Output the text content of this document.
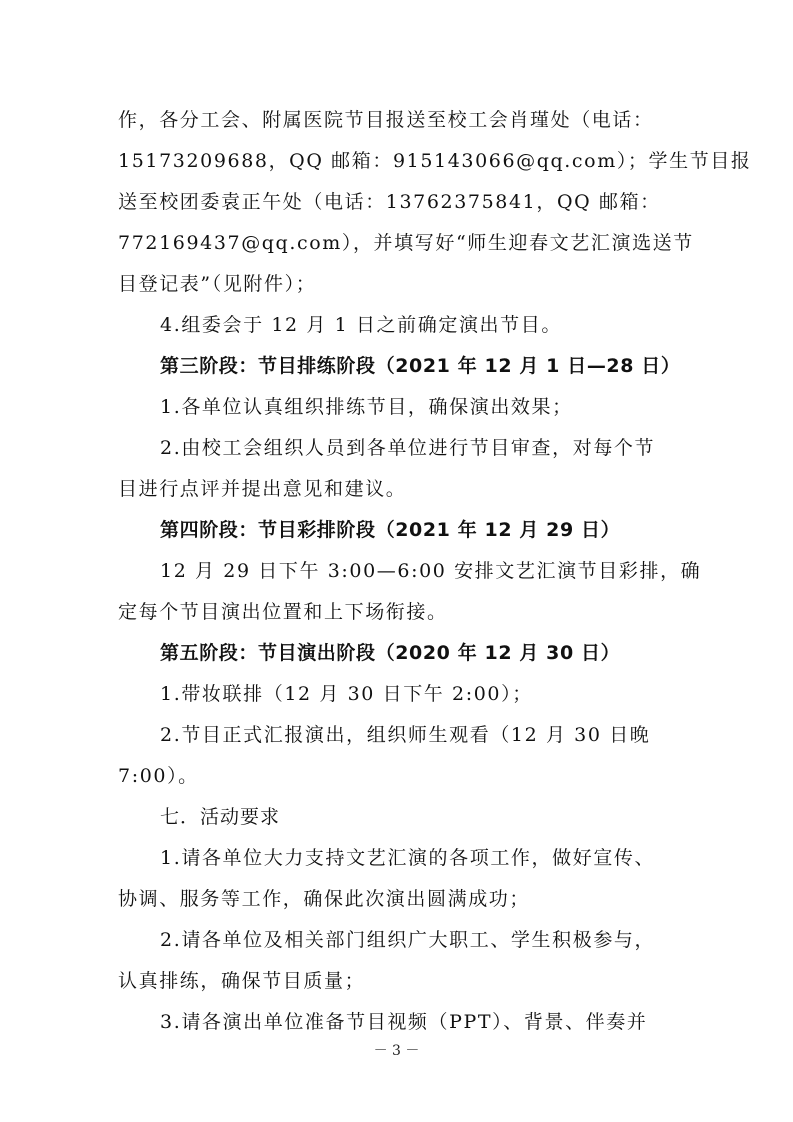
作，各分工会、附属医院节目报送至校工会肖瑾处（电话：
15173209688，QQ 邮箱：915143066@qq.com）；学生节目报
送至校团委袁正午处（电话：13762375841，QQ 邮箱：
772169437@qq.com），并填写好“师生迎春文艺汇演选送节
目登记表”（见附件）；
4.组委会于 12 月 1 日之前确定演出节目。
第三阶段：节目排练阶段（2021 年 12 月 1 日—28 日）
1.各单位认真组织排练节目，确保演出效果；
2.由校工会组织人员到各单位进行节目审查，对每个节
目进行点评并提出意见和建议。
第四阶段：节目彩排阶段（2021 年 12 月 29 日）
12 月 29 日下午 3:00—6:00 安排文艺汇演节目彩排，确
定每个节目演出位置和上下场衔接。
第五阶段：节目演出阶段（2020 年 12 月 30 日）
1.带妆联排（12 月 30 日下午 2:00）；
2.节目正式汇报演出，组织师生观看（12 月 30 日晚
7:00）。
七．活动要求
1.请各单位大力支持文艺汇演的各项工作，做好宣传、
协调、服务等工作，确保此次演出圆满成功；
2.请各单位及相关部门组织广大职工、学生积极参与，
认真排练，确保节目质量；
3.请各演出单位准备节目视频（PPT）、背景、伴奏并
－ 3 －
